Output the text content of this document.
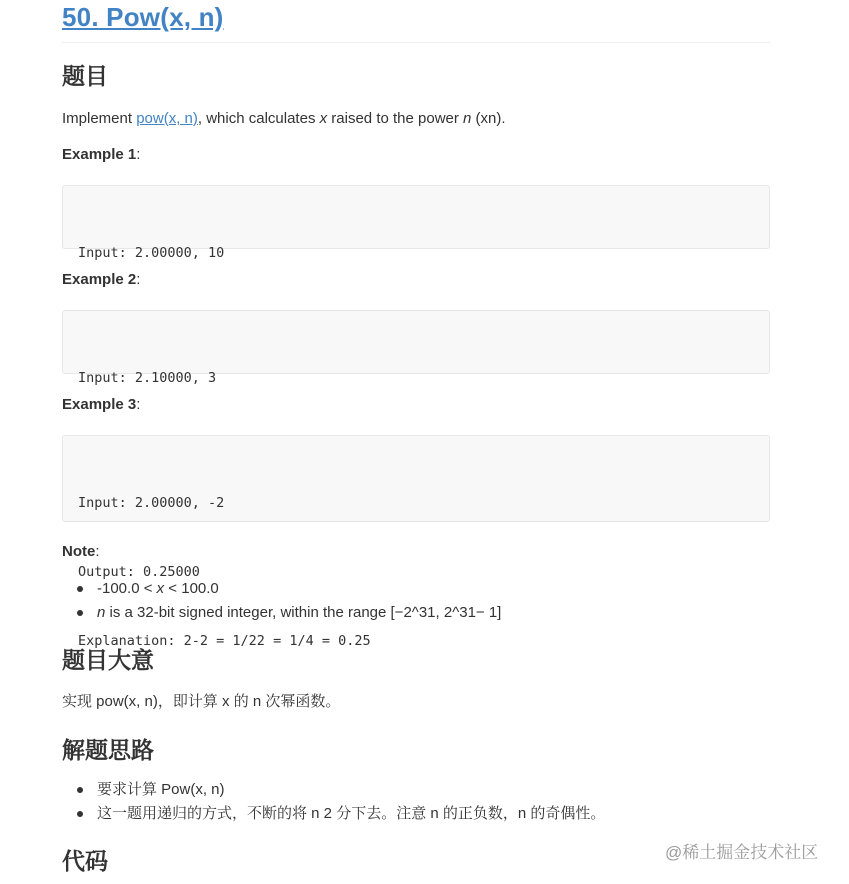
50. Pow(x, n)
题目

Implement pow(x, n), which calculates x raised to the power n (xn).

Example 1:

Input: 2.00000, 10

Example 2:

Input: 2.10000, 3

Example 3:

Input: 2.00000, -2

Output: 0.25000

Explanation: 2-2 = 1/22 = 1/4 = 0.25

Note:

-100.0 < x < 100.0
n is a 32-bit signed integer, within the range [−2^31, 2^31− 1]
题目大意

实现 pow(x, n)，即计算 x 的 n 次幂函数。

解题思路
要求计算 Pow(x, n)
这一题用递归的方式，不断的将 n 2 分下去。注意 n 的正负数，n 的奇偶性。
代码	@稀土掘金技术社区
